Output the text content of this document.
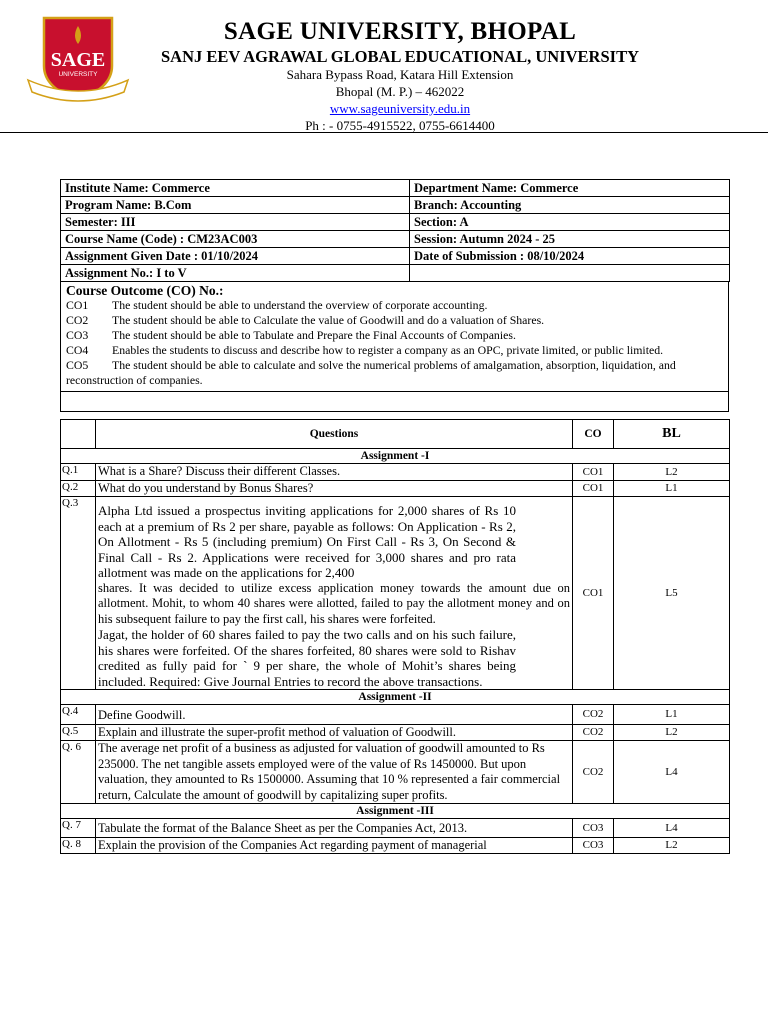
SAGE
UNIVERSITY
SAGE UNIVERSITY, BHOPAL
SANJ EEV AGRAWAL GLOBAL EDUCATIONAL, UNIVERSITY
Sahara Bypass Road, Katara Hill Extension
Bhopal (M. P.) – 462022
www.sageuniversity.edu.in
Ph : - 0755-4915522, 0755-6614400
Institute Name: Commerce	Department Name: Commerce
Program Name: B.Com	Branch: Accounting
Semester: III	Section: A
Course Name (Code) : CM23AC003	Session: Autumn 2024 - 25
Assignment Given Date : 01/10/2024	Date of Submission : 08/10/2024
Assignment No.: I to V	
Course Outcome (CO) No.:
CO1 The student should be able to understand the overview of corporate accounting.
CO2 The student should be able to Calculate the value of Goodwill and do a valuation of Shares.
CO3 The student should be able to Tabulate and Prepare the Final Accounts of Companies.
CO4 Enables the students to discuss and describe how to register a company as an OPC, private limited, or public limited.
CO5 The student should be able to calculate and solve the numerical problems of amalgamation, absorption, liquidation, and reconstruction of companies.

	Questions	CO	BL
Assignment -I			
Q.1	What is a Share? Discuss their different Classes.	CO1	L2
Q.2	What do you understand by Bonus Shares?	CO1	L1
Q.3	Alpha Ltd issued a prospectus inviting applications for 2,000 shares of Rs 10 each at a premium of Rs 2 per share, payable as follows: On Application - Rs 2, On Allotment - Rs 5 (including premium) On First Call - Rs 3, On Second & Final Call - Rs 2. Applications were received for 3,000 shares and pro rata allotment was made on the applications for 2,400
shares. It was decided to utilize excess application money towards the amount due on allotment. Mohit, to whom 40 shares were allotted, failed to pay the allotment money and on his subsequent failure to pay the first call, his shares were forfeited.
Jagat, the holder of 60 shares failed to pay the two calls and on his such failure, his shares were forfeited. Of the shares forfeited, 80 shares were sold to Rishav credited as fully paid for ` 9 per share, the whole of Mohit’s shares being included. Required: Give Journal Entries to record the above transactions.	CO1	L5
Assignment -II			
Q.4	Define Goodwill.	CO2	L1
Q.5	Explain and illustrate the super-profit method of valuation of Goodwill.	CO2	L2
Q. 6	The average net profit of a business as adjusted for valuation of goodwill amounted to Rs 235000. The net tangible assets employed were of the value of Rs 1450000. But upon valuation, they amounted to Rs 1500000. Assuming that 10 % represented a fair commercial return, Calculate the amount of goodwill by capitalizing super profits.	CO2	L4
Assignment -III			
Q. 7	Tabulate the format of the Balance Sheet as per the Companies Act, 2013.	CO3	L4
Q. 8	Explain the provision of the Companies Act regarding payment of managerial	CO3	L2
